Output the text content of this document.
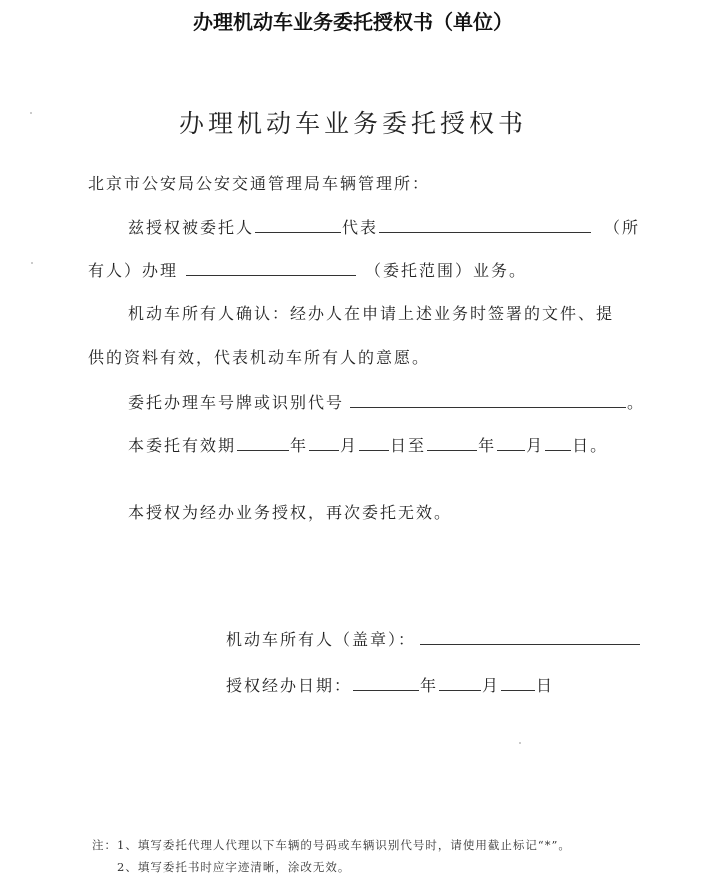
办理机动车业务委托授权书（单位）
办理机动车业务委托授权书
北京市公安局公安交通管理局车辆管理所：
兹授权被委托人	代表	（所
有人）办理	（委托范围）业务。
机动车所有人确认：经办人在申请上述业务时签署的文件、提
供的资料有效，代表机动车所有人的意愿。
委托办理车号牌或识别代号	。
本委托有效期	年 月 日至	年 月 日。
本授权为经办业务授权，再次委托无效。
机动车所有人（盖章）：
授权经办日期：	年	月 日
注：1、填写委托代理人代理以下车辆的号码或车辆识别代号时，请使用截止标记“*”。
2、填写委托书时应字迹清晰，涂改无效。
